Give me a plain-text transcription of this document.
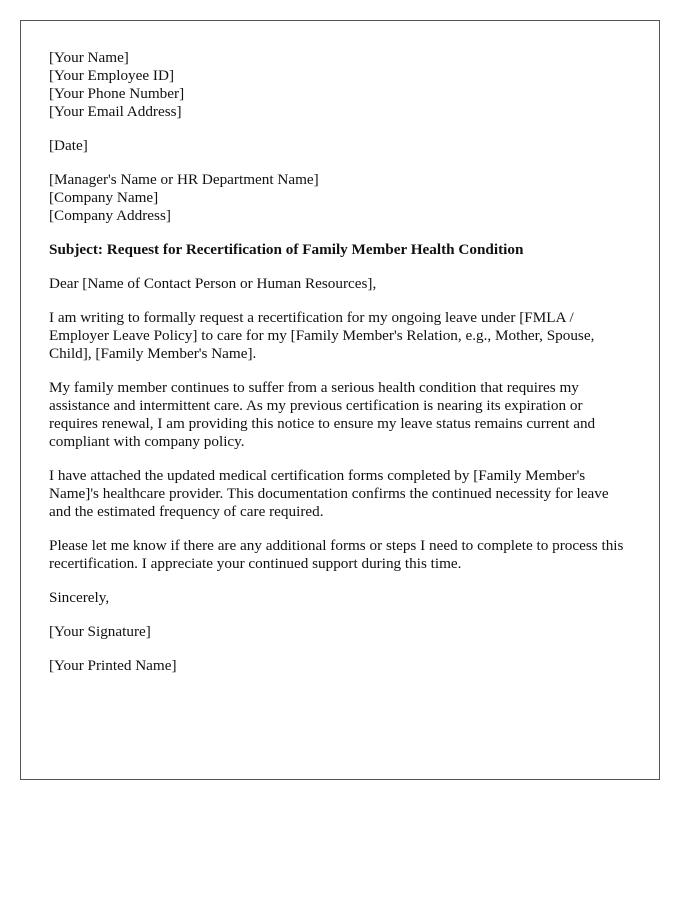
[Your Name]
[Your Employee ID]
[Your Phone Number]
[Your Email Address]
[Date]
[Manager's Name or HR Department Name]
[Company Name]
[Company Address]
Subject: Request for Recertification of Family Member Health Condition
Dear [Name of Contact Person or Human Resources],

I am writing to formally request a recertification for my ongoing leave under [FMLA / Employer Leave Policy] to care for my [Family Member's Relation, e.g., Mother, Spouse, Child], [Family Member's Name].

My family member continues to suffer from a serious health condition that requires my assistance and intermittent care. As my previous certification is nearing its expiration or requires renewal, I am providing this notice to ensure my leave status remains current and compliant with company policy.

I have attached the updated medical certification forms completed by [Family Member's Name]'s healthcare provider. This documentation confirms the continued necessity for leave and the estimated frequency of care required.

Please let me know if there are any additional forms or steps I need to complete to process this recertification. I appreciate your continued support during this time.

Sincerely,
[Your Signature]
[Your Printed Name]
